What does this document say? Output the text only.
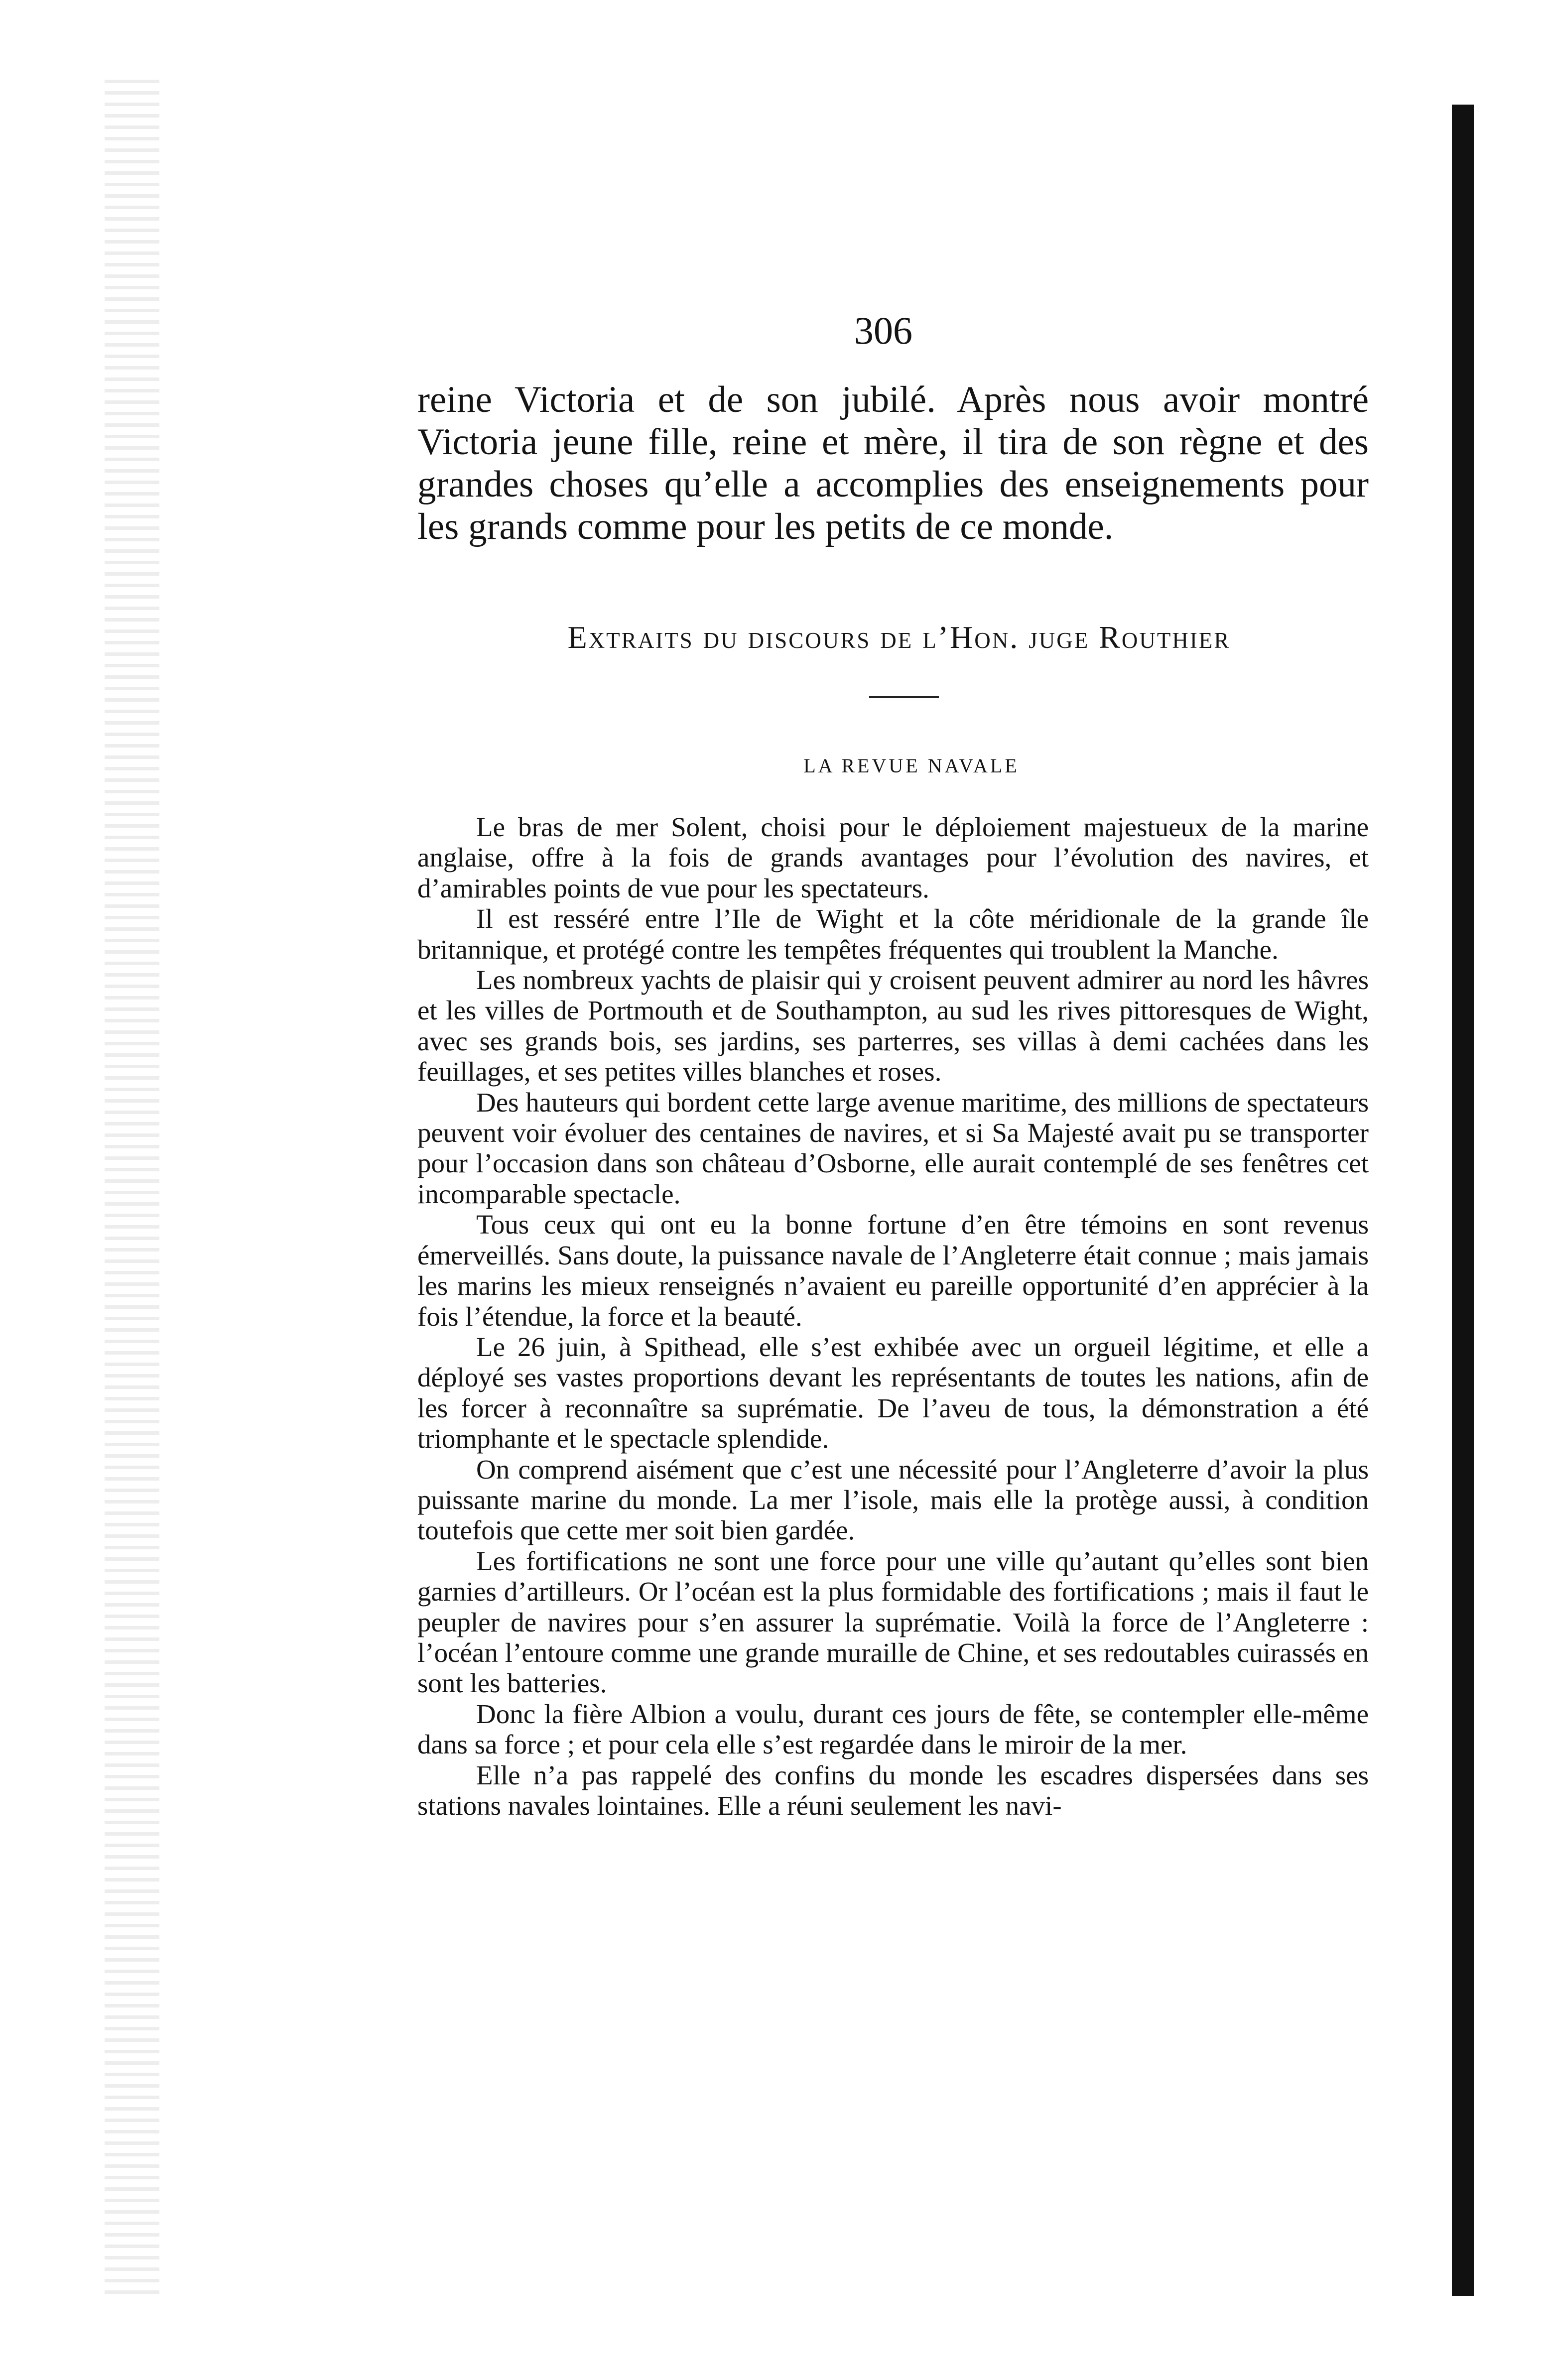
306

reine Victoria et de son jubilé. Après nous avoir montré

Victoria jeune fille, reine et mère, il tira de son règne et des

grandes choses qu’elle a accomplies des enseignements pour

les grands comme pour les petits de ce monde.

Extraits du discours de l’Hon. juge Routhier
LA REVUE NAVALE

Le bras de mer Solent, choisi pour le déploiement majestueux de la marine anglaise, offre à la fois de grands avantages pour l’évolution des navires, et d’amirables points de vue pour les spectateurs.

Il est resséré entre l’Ile de Wight et la côte méridionale de la grande île britannique, et protégé contre les tempêtes fréquentes qui troublent la Manche.

Les nombreux yachts de plaisir qui y croisent peuvent admirer au nord les hâvres et les villes de Portmouth et de Southampton, au sud les rives pittoresques de Wight, avec ses grands bois, ses jardins, ses parterres, ses villas à demi cachées dans les feuillages, et ses petites villes blanches et roses.

Des hauteurs qui bordent cette large avenue maritime, des millions de spectateurs peuvent voir évoluer des centaines de navires, et si Sa Majesté avait pu se transporter pour l’occasion dans son château d’Osborne, elle aurait contemplé de ses fenêtres cet incomparable spectacle.

Tous ceux qui ont eu la bonne fortune d’en être témoins en sont revenus émerveillés. Sans doute, la puissance navale de l’Angleterre était connue ; mais jamais les marins les mieux renseignés n’avaient eu pareille opportunité d’en apprécier à la fois l’étendue, la force et la beauté.

Le 26 juin, à Spithead, elle s’est exhibée avec un orgueil légitime, et elle a déployé ses vastes proportions devant les représentants de toutes les nations, afin de les forcer à reconnaître sa suprématie. De l’aveu de tous, la démonstration a été triomphante et le spectacle splendide.

On comprend aisément que c’est une nécessité pour l’Angleterre d’avoir la plus puissante marine du monde. La mer l’isole, mais elle la protège aussi, à condition toutefois que cette mer soit bien gardée.

Les fortifications ne sont une force pour une ville qu’autant qu’elles sont bien garnies d’artilleurs. Or l’océan est la plus formidable des fortifications ; mais il faut le peupler de navires pour s’en assurer la suprématie. Voilà la force de l’Angleterre : l’océan l’entoure comme une grande muraille de Chine, et ses redoutables cuirassés en sont les batteries.

Donc la fière Albion a voulu, durant ces jours de fête, se contempler elle-même dans sa force ; et pour cela elle s’est regardée dans le miroir de la mer.

Elle n’a pas rappelé des confins du monde les escadres dispersées dans ses stations navales lointaines. Elle a réuni seulement les navi-
